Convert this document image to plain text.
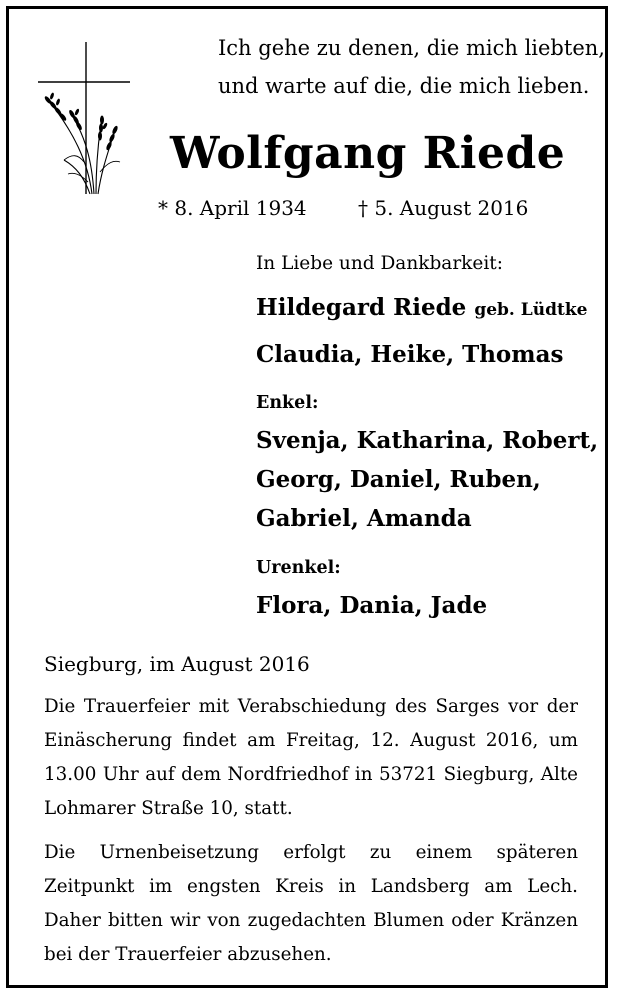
Ich gehe zu denen, die mich liebten,
und warte auf die, die mich lieben.
Wolfgang Riede
* 8. April 1934	† 5. August 2016
In Liebe und Dankbarkeit:
Hildegard Riede geb. Lüdtke
Claudia, Heike, Thomas
Enkel:
Svenja, Katharina, Robert,
Georg, Daniel, Ruben,
Gabriel, Amanda
Urenkel:
Flora, Dania, Jade
Siegburg, im August 2016

Die Trauerfeier mit Verabschiedung des Sarges vor der Einäscherung findet am Freitag, 12. August 2016, um 13.00 Uhr auf dem Nordfriedhof in 53721 Siegburg, Alte Lohmarer Straße 10, statt.

Die Urnenbeisetzung erfolgt zu einem späteren Zeitpunkt im engsten Kreis in Landsberg am Lech. Daher bitten wir von zugedachten Blumen oder Kränzen bei der Trauerfeier abzusehen.
